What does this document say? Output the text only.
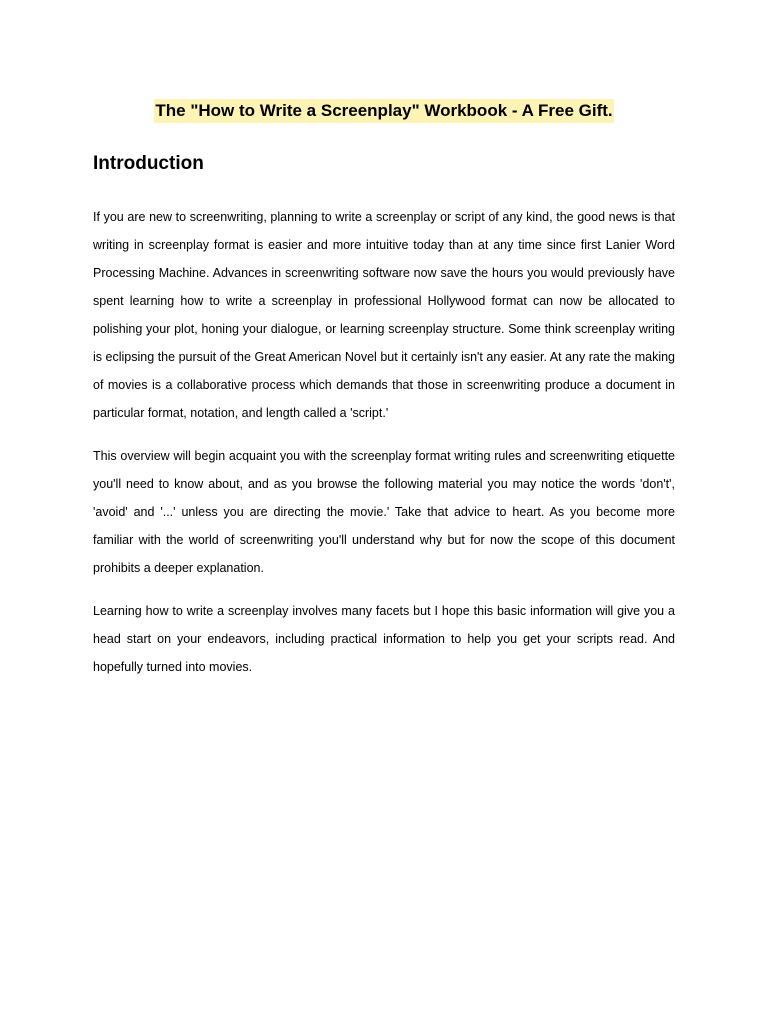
The "How to Write a Screenplay" Workbook - A Free Gift.
Introduction

If you are new to screenwriting, planning to write a screenplay or script of any kind, the good news is that writing in screenplay format is easier and more intuitive today than at any time since first Lanier Word Processing Machine. Advances in screenwriting software now save the hours you would previously have spent learning how to write a screenplay in professional Hollywood format can now be allocated to polishing your plot, honing your dialogue, or learning screenplay structure. Some think screenplay writing is eclipsing the pursuit of the Great American Novel but it certainly isn't any easier. At any rate the making of movies is a collaborative process which demands that those in screenwriting produce a document in particular format, notation, and length called a 'script.'

This overview will begin acquaint you with the screenplay format writing rules and screenwriting etiquette you'll need to know about, and as you browse the following material you may notice the words 'don't', 'avoid' and '...' unless you are directing the movie.' Take that advice to heart. As you become more familiar with the world of screenwriting you'll understand why but for now the scope of this document prohibits a deeper explanation.

Learning how to write a screenplay involves many facets but I hope this basic information will give you a head start on your endeavors, including practical information to help you get your scripts read. And hopefully turned into movies.
